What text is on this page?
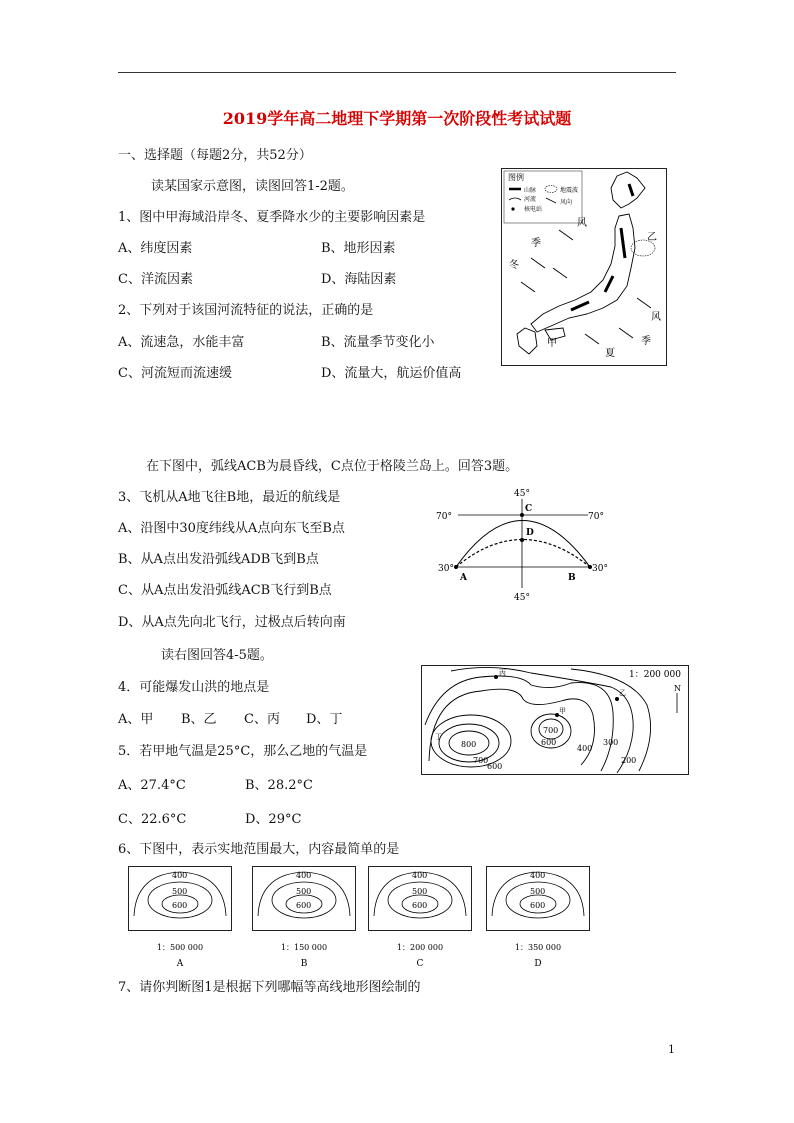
2019学年高二地理下学期第一次阶段性考试试题
一、选择题（每题2分，共52分）
读某国家示意图，读图回答1-2题。
1、图中甲海域沿岸冬、夏季降水少的主要影响因素是
A、纬度因素	B、地形因素
C、洋流因素	D、海陆因素
2、下列对于该国河流特征的说法，正确的是
A、流速急，水能丰富	B、流量季节变化小
C、河流短而流速缓	D、流量大，航运价值高
图例
山脉
河流
核电站
地震波
风向
乙
甲
风
季
冬
风
季
夏
在下图中，弧线ACB为晨昏线，C点位于格陵兰岛上。回答3题。
3、飞机从A地飞往B地，最近的航线是
A、沿图中30度纬线从A点向东飞至B点
B、从A点出发沿弧线ADB飞到B点
C、从A点出发沿弧线ACB飞行到B点
D、从A点先向北飞行，过极点后转向南
45°
45°
70°	70°
30°	30°
A	B
C
D
读右图回答4-5题。
4．可能爆发山洪的地点是
A、甲 B、乙 C、丙 D、丁
5．若甲地气温是25°C，那么乙地的气温是
A、27.4°C	B、28.2°C
C、22.6°C	D、29°C
1：200 000
N
丙
甲
乙
丁
800
700
600
700
600
400
300
200
6、下图中，表示实地范围最大，内容最简单的是
400
500
600
1：500 000
A
400
500
600
1：150 000
B
400
500
600
1：200 000
C
400
500
600
1：350 000
D
7、请你判断图1是根据下列哪幅等高线地形图绘制的
1
